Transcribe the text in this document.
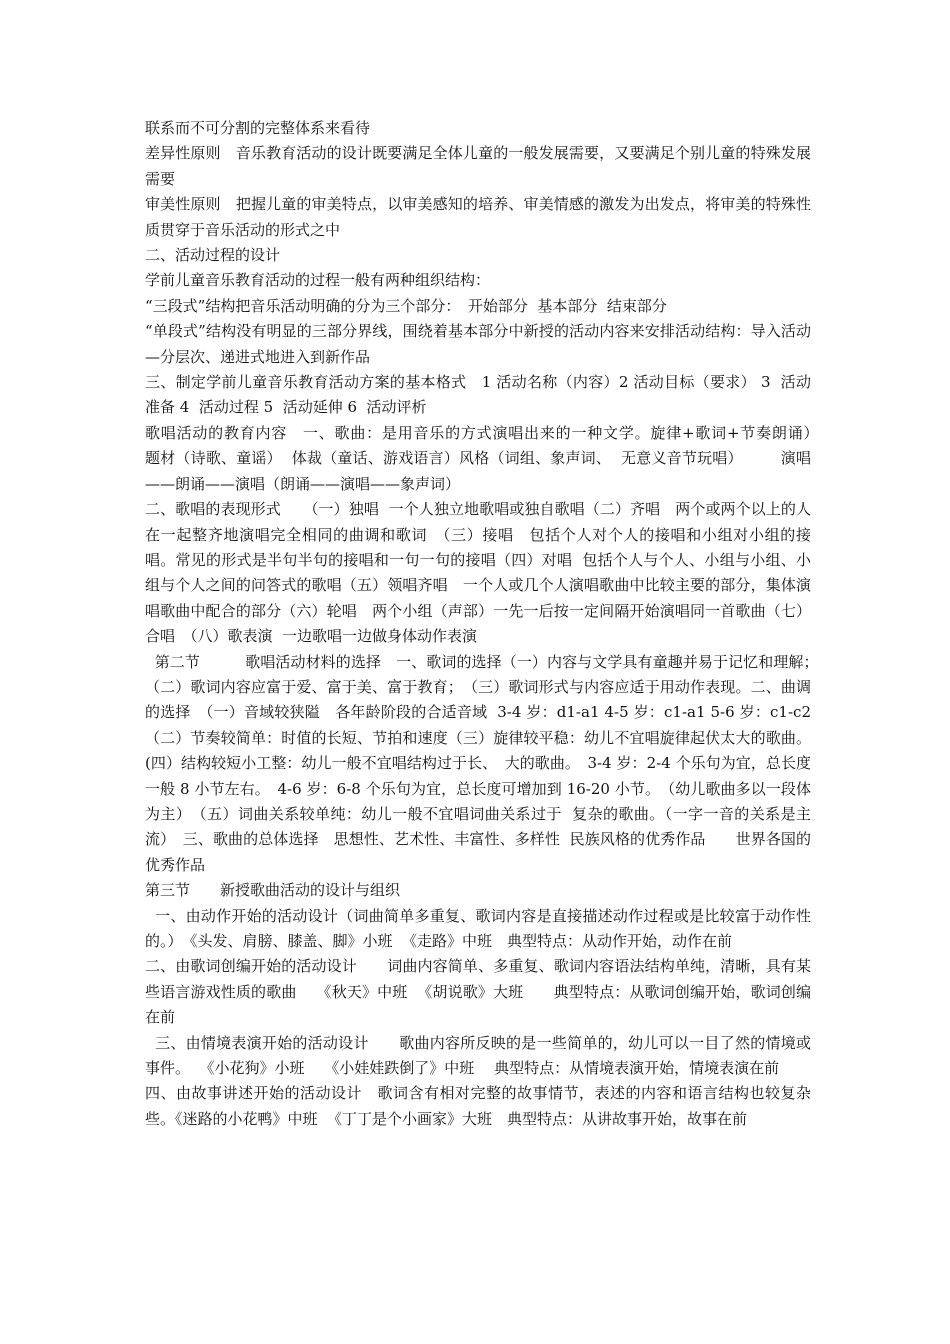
联系而不可分割的完整体系来看待

差异性原则　音乐教育活动的设计既要满足全体儿童的一般发展需要，又要满足个别儿童的特殊发展需要

审美性原则　把握儿童的审美特点，以审美感知的培养、审美情感的激发为出发点，将审美的特殊性质贯穿于音乐活动的形式之中

二、活动过程的设计

学前儿童音乐教育活动的过程一般有两种组织结构：

“三段式”结构把音乐活动明确的分为三个部分：　开始部分  基本部分  结束部分

“单段式”结构没有明显的三部分界线，围绕着基本部分中新授的活动内容来安排活动结构：导入活动—分层次、递进式地进入到新作品

三、制定学前儿童音乐教育活动方案的基本格式　1 活动名称（内容）2 活动目标（要求） 3  活动准备 4  活动过程 5  活动延伸 6  活动评析

歌唱活动的教育内容　一、歌曲：是用音乐的方式演唱出来的一种文学。旋律+歌词+节奏朗诵）　　题材（诗歌、童谣）  体裁（童话、游戏语言）风格（词组、象声词、  无意义音节玩唱）　　　演唱——朗诵——演唱（朗诵——演唱——象声词）

二、歌唱的表现形式　　（一）独唱  一个人独立地歌唱或独自歌唱（二）齐唱　两个或两个以上的人在一起整齐地演唱完全相同的曲调和歌词　（三）接唱　包括个人对个人的接唱和小组对小组的接唱。常见的形式是半句半句的接唱和一句一句的接唱（四）对唱  包括个人与个人、小组与小组、小组与个人之间的问答式的歌唱（五）领唱齐唱　一个人或几个人演唱歌曲中比较主要的部分，集体演唱歌曲中配合的部分（六）轮唱　两个小组（声部）一先一后按一定间隔开始演唱同一首歌曲（七）合唱　（八）歌表演  一边歌唱一边做身体动作表演

第二节　　　歌唱活动材料的选择　一、歌词的选择（一）内容与文学具有童趣并易于记忆和理解；　（二）歌词内容应富于爱、富于美、富于教育；　（三）歌词形式与内容应适于用动作表现。二、曲调的选择　（一）音域较狭隘　各年龄阶段的合适音域  3-4 岁：d1-a1 4-5 岁：c1-a1 5-6 岁：c1-c2  （二）节奏较简单：时值的长短、节拍和速度（三）旋律较平稳：幼儿不宜唱旋律起伏太大的歌曲。(四）结构较短小工整：幼儿一般不宜唱结构过于长、　大的歌曲。　3-4 岁：2-4 个乐句为宜，总长度一般 8 小节左右。　4-6 岁：6-8 个乐句为宜，总长度可增加到 16-20 小节。　（幼儿歌曲多以一段体为主）　（五）词曲关系较单纯：幼儿一般不宜唱词曲关系过于  复杂的歌曲。（一字一音的关系是主流）　三、歌曲的总体选择　思想性、艺术性、丰富性、多样性  民族风格的优秀作品　　世界各国的优秀作品

第三节　　新授歌曲活动的设计与组织

一、由动作开始的活动设计（词曲简单多重复、歌词内容是直接描述动作过程或是比较富于动作性的。）　《头发、肩膀、膝盖、脚》小班  《走路》中班　典型特点：从动作开始，动作在前

二、由歌词创编开始的活动设计　　词曲内容简单、多重复、歌词内容语法结构单纯，清晰，具有某些语言游戏性质的歌曲　 《秋天》中班  《胡说歌》大班　　典型特点：从歌词创编开始，歌词创编在前

三、由情境表演开始的活动设计　　歌曲内容所反映的是一些简单的，幼儿可以一目了然的情境或事件。  《小花狗》小班　 《小娃娃跌倒了》中班　 典型特点：从情境表演开始，情境表演在前

四、由故事讲述开始的活动设计　歌词含有相对完整的故事情节，表述的内容和语言结构也较复杂些。《迷路的小花鸭》中班  《丁丁是个小画家》大班　典型特点：从讲故事开始，故事在前
